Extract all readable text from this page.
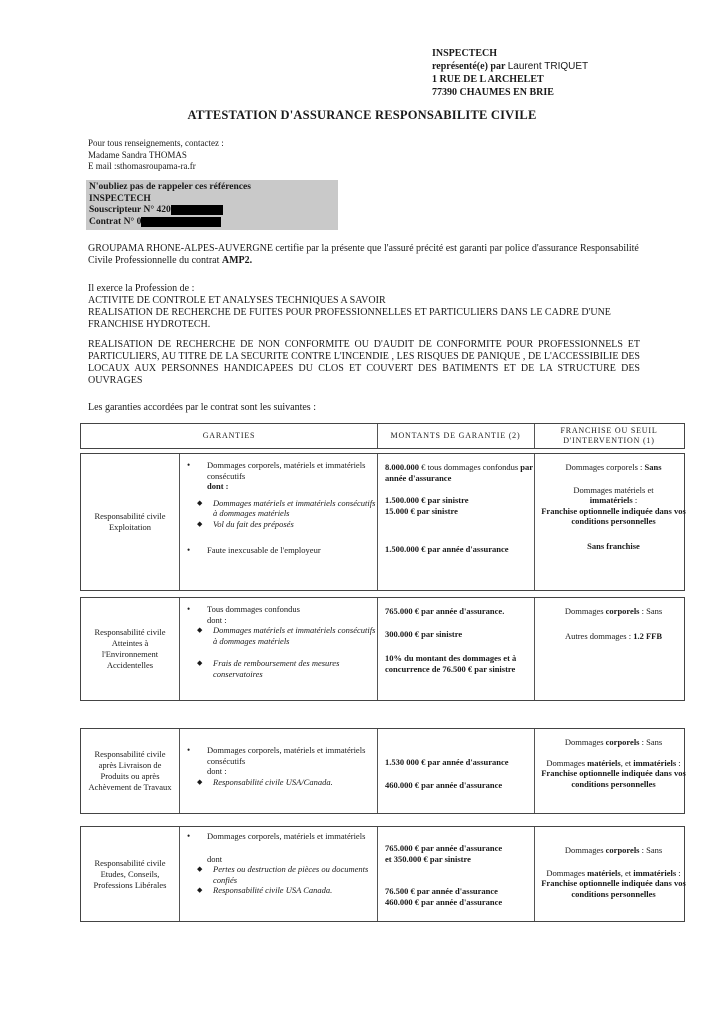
INSPECTECH
représenté(e) par Laurent TRIQUET
1 RUE DE L ARCHELET
77390 CHAUMES EN BRIE
ATTESTATION D'ASSURANCE RESPONSABILITE CIVILE
Pour tous renseignements, contactez :
Madame Sandra THOMAS
E mail :sthomasroupama-ra.fr
N'oubliez pas de rappeler ces références
INSPECTECH
Souscripteur N° 420
Contrat N° 0
GROUPAMA RHONE-ALPES-AUVERGNE certifie par la présente que l'assuré précité est garanti par police d'assurance Responsabilité Civile Professionnelle du contrat AMP2.
Il exerce la Profession de :
ACTIVITE DE CONTROLE ET ANALYSES TECHNIQUES A SAVOIR
REALISATION DE RECHERCHE DE FUITES POUR PROFESSIONNELLES ET PARTICULIERS DANS LE CADRE D'UNE FRANCHISE HYDROTECH.
REALISATION DE RECHERCHE DE NON CONFORMITE OU D'AUDIT DE CONFORMITE POUR PROFESSIONNELS ET PARTICULIERS, AU TITRE DE LA SECURITE CONTRE L'INCENDIE , LES RISQUES DE PANIQUE , DE L'ACCESSIBILIE DES LOCAUX AUX PERSONNES HANDICAPEES DU CLOS ET COUVERT DES BATIMENTS ET DE LA STRUCTURE DES OUVRAGES
Les garanties accordées par le contrat sont les suivantes :
GARANTIES	MONTANTS DE GARANTIE (2)
FRANCHISE OU SEUIL D'INTERVENTION (1)
Responsabilité civile Exploitation
• Dommages corporels, matériels et immatériels consécutifs
dont :
◆ Dommages matériels et immatériels consécutifs à dommages matériels
◆ Vol du fait des préposés
• Faute inexcusable de l'employeur
8.000.000 € tous dommages confondus par année d'assurance
1.500.000 € par sinistre
15.000 € par sinistre
1.500.000 € par année d'assurance
Dommages corporels : Sans
Dommages matériels et
immatériels :
Franchise optionnelle indiquée dans vos conditions personnelles
Sans franchise
Responsabilité civile Atteintes à l'Environnement Accidentelles
• Tous dommages confondus
dont :
◆ Dommages matériels et immatériels consécutifs à dommages matériels
◆ Frais de remboursement des mesures conservatoires
765.000 € par année d'assurance.
300.000 € par sinistre
10% du montant des dommages et à concurrence de 76.500 € par sinistre
Dommages corporels : Sans
Autres dommages : 1.2 FFB
Responsabilité civile après Livraison de Produits ou après Achèvement de Travaux
• Dommages corporels, matériels et immatériels consécutifs
dont :
◆ Responsabilité civile USA/Canada.
1.530 000 € par année d'assurance
460.000 € par année d'assurance
Dommages corporels : Sans
Dommages matériels, et immatériels : Franchise optionnelle indiquée dans vos conditions personnelles
Responsabilité civile Etudes, Conseils, Professions Libérales
• Dommages corporels, matériels et immatériels
dont
◆ Pertes ou destruction de pièces ou documents confiés
◆ Responsabilité civile USA Canada.
765.000 € par année d'assurance
et 350.000 € par sinistre
76.500 € par année d'assurance
460.000 € par année d'assurance
Dommages corporels : Sans
Dommages matériels, et immatériels : Franchise optionnelle indiquée dans vos conditions personnelles
